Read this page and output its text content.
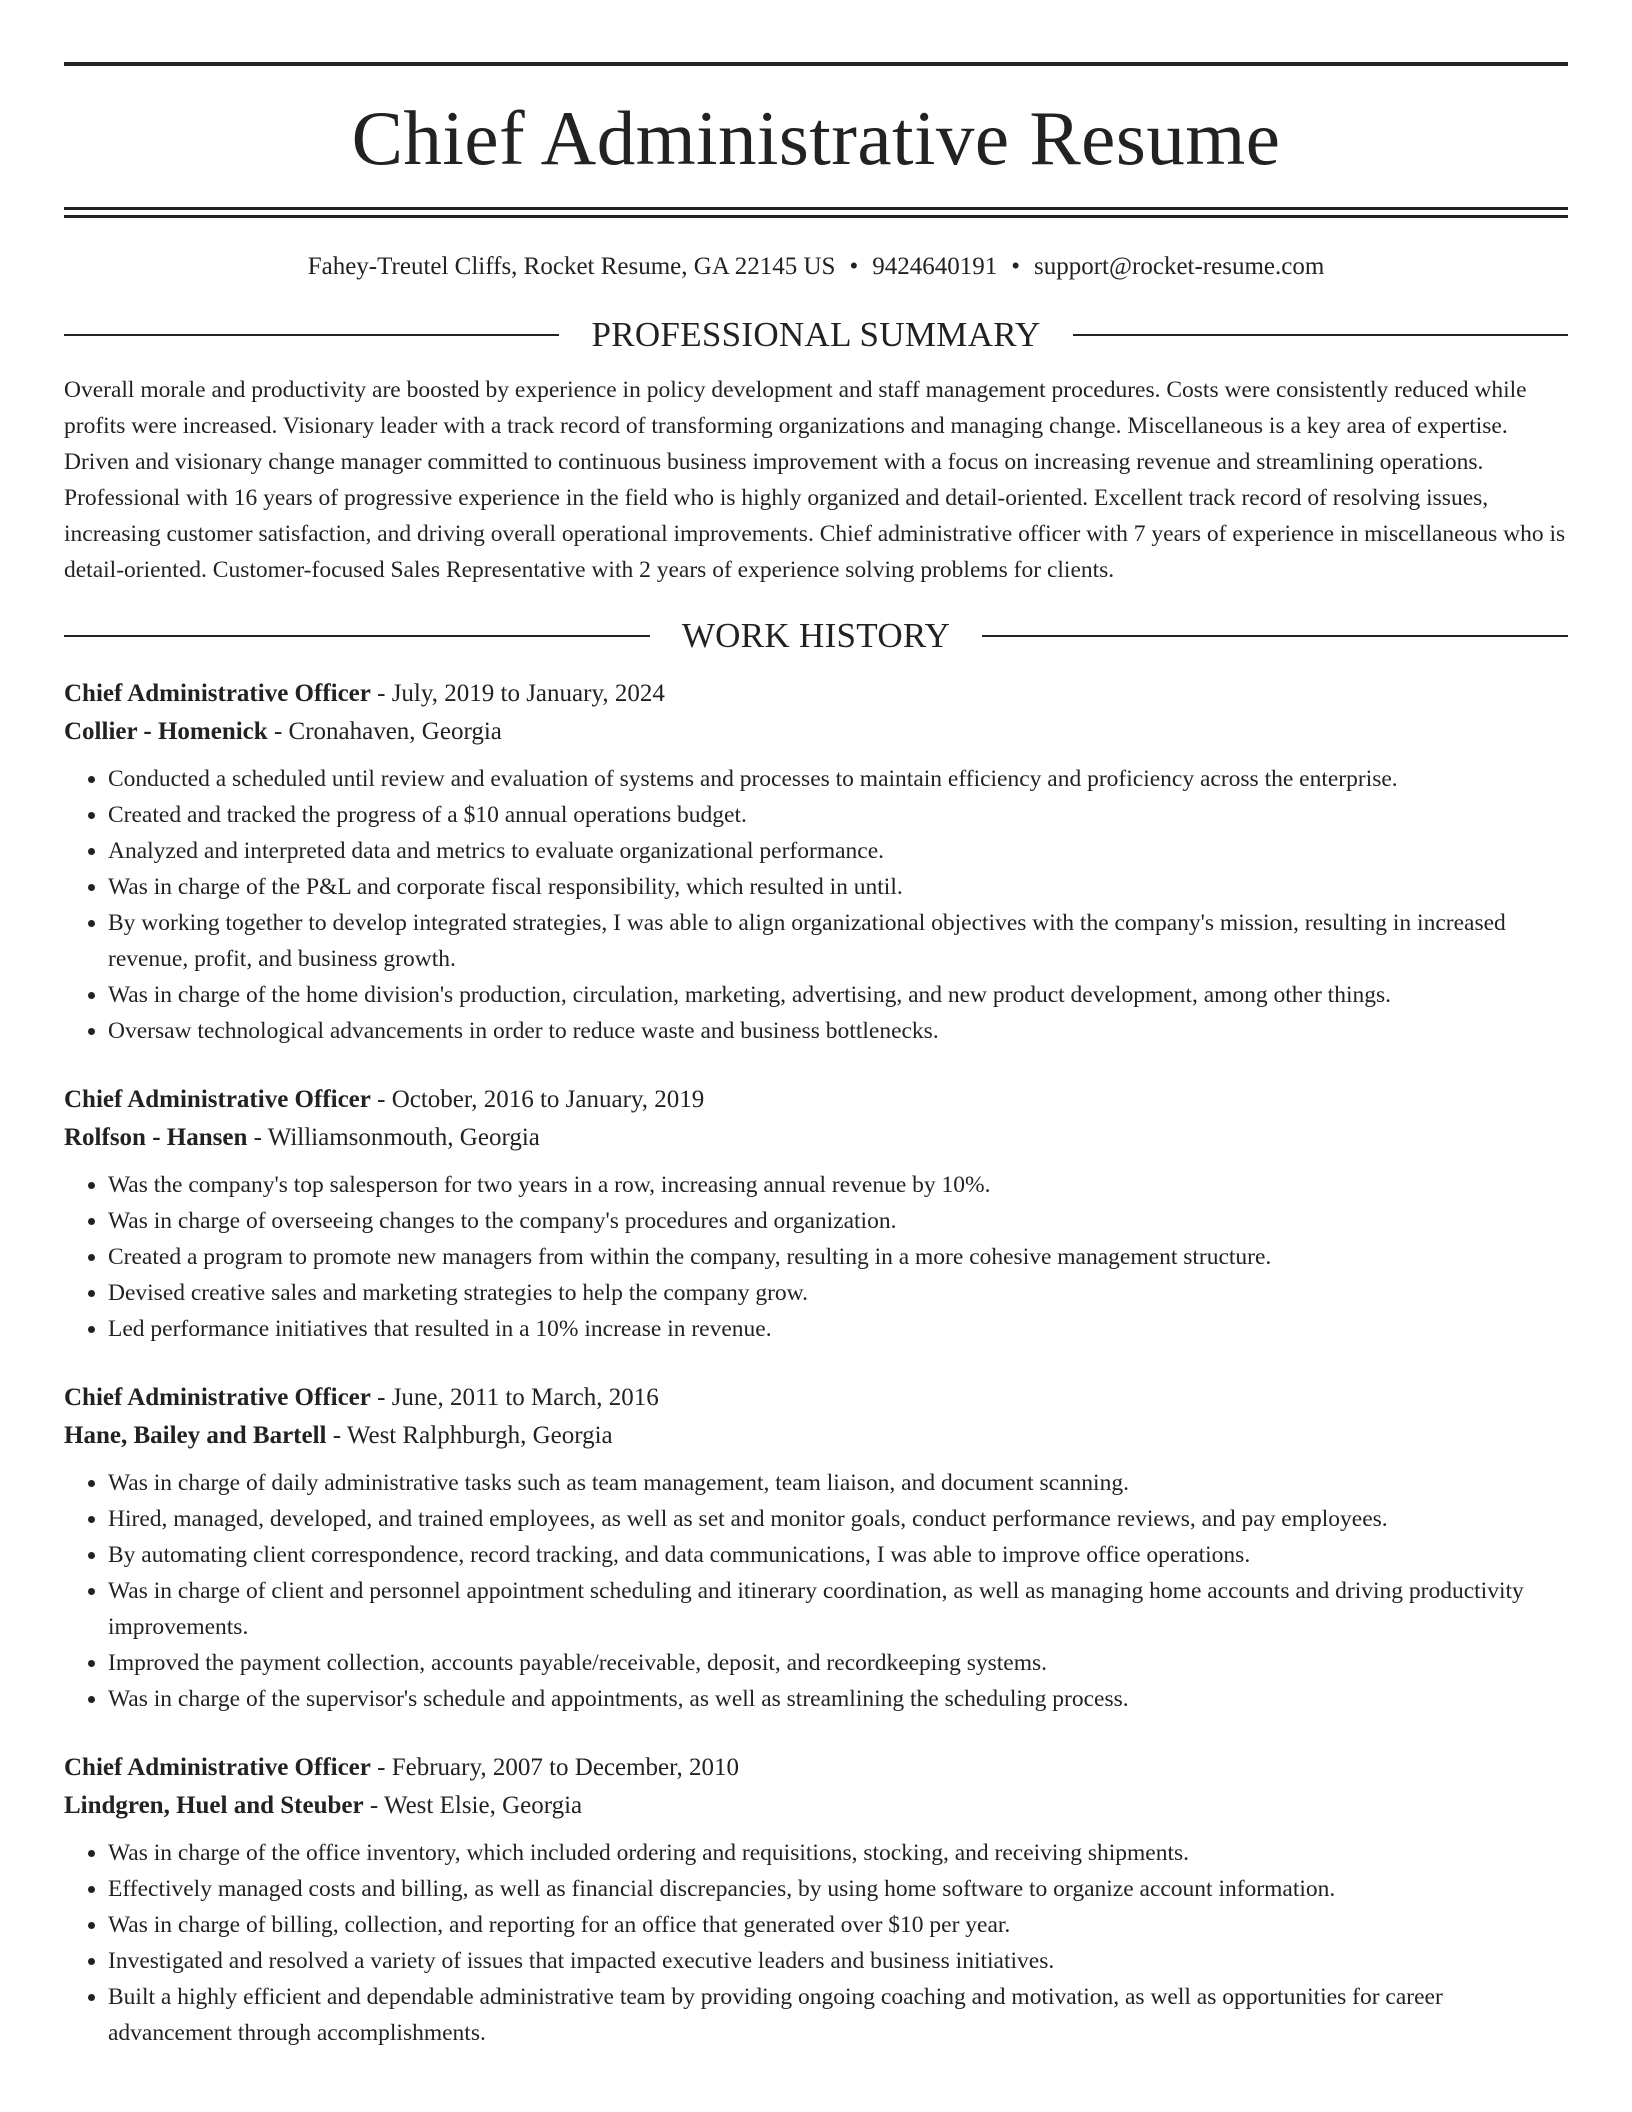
Chief Administrative Resume
Fahey-Treutel Cliffs, Rocket Resume, GA 22145 US • 9424640191 • support@rocket-resume.com
PROFESSIONAL SUMMARY

Overall morale and productivity are boosted by experience in policy development and staff management procedures. Costs were consistently reduced while profits were increased. Visionary leader with a track record of transforming organizations and managing change. Miscellaneous is a key area of expertise. Driven and visionary change manager committed to continuous business improvement with a focus on increasing revenue and streamlining operations. Professional with 16 years of progressive experience in the field who is highly organized and detail-oriented. Excellent track record of resolving issues, increasing customer satisfaction, and driving overall operational improvements. Chief administrative officer with 7 years of experience in miscellaneous who is detail-oriented. Customer-focused Sales Representative with 2 years of experience solving problems for clients.

WORK HISTORY
Chief Administrative Officer - July, 2019 to January, 2024
Collier - Homenick - Cronahaven, Georgia
• Conducted a scheduled until review and evaluation of systems and processes to maintain efficiency and proficiency across the enterprise.
• Created and tracked the progress of a $10 annual operations budget.
• Analyzed and interpreted data and metrics to evaluate organizational performance.
• Was in charge of the P&L and corporate fiscal responsibility, which resulted in until.
• By working together to develop integrated strategies, I was able to align organizational objectives with the company's mission, resulting in increased revenue, profit, and business growth.
• Was in charge of the home division's production, circulation, marketing, advertising, and new product development, among other things.
• Oversaw technological advancements in order to reduce waste and business bottlenecks.
Chief Administrative Officer - October, 2016 to January, 2019
Rolfson - Hansen - Williamsonmouth, Georgia
• Was the company's top salesperson for two years in a row, increasing annual revenue by 10%.
• Was in charge of overseeing changes to the company's procedures and organization.
• Created a program to promote new managers from within the company, resulting in a more cohesive management structure.
• Devised creative sales and marketing strategies to help the company grow.
• Led performance initiatives that resulted in a 10% increase in revenue.
Chief Administrative Officer - June, 2011 to March, 2016
Hane, Bailey and Bartell - West Ralphburgh, Georgia
• Was in charge of daily administrative tasks such as team management, team liaison, and document scanning.
• Hired, managed, developed, and trained employees, as well as set and monitor goals, conduct performance reviews, and pay employees.
• By automating client correspondence, record tracking, and data communications, I was able to improve office operations.
• Was in charge of client and personnel appointment scheduling and itinerary coordination, as well as managing home accounts and driving productivity improvements.
• Improved the payment collection, accounts payable/receivable, deposit, and recordkeeping systems.
• Was in charge of the supervisor's schedule and appointments, as well as streamlining the scheduling process.
Chief Administrative Officer - February, 2007 to December, 2010
Lindgren, Huel and Steuber - West Elsie, Georgia
• Was in charge of the office inventory, which included ordering and requisitions, stocking, and receiving shipments.
• Effectively managed costs and billing, as well as financial discrepancies, by using home software to organize account information.
• Was in charge of billing, collection, and reporting for an office that generated over $10 per year.
• Investigated and resolved a variety of issues that impacted executive leaders and business initiatives.
• Built a highly efficient and dependable administrative team by providing ongoing coaching and motivation, as well as opportunities for career advancement through accomplishments.
